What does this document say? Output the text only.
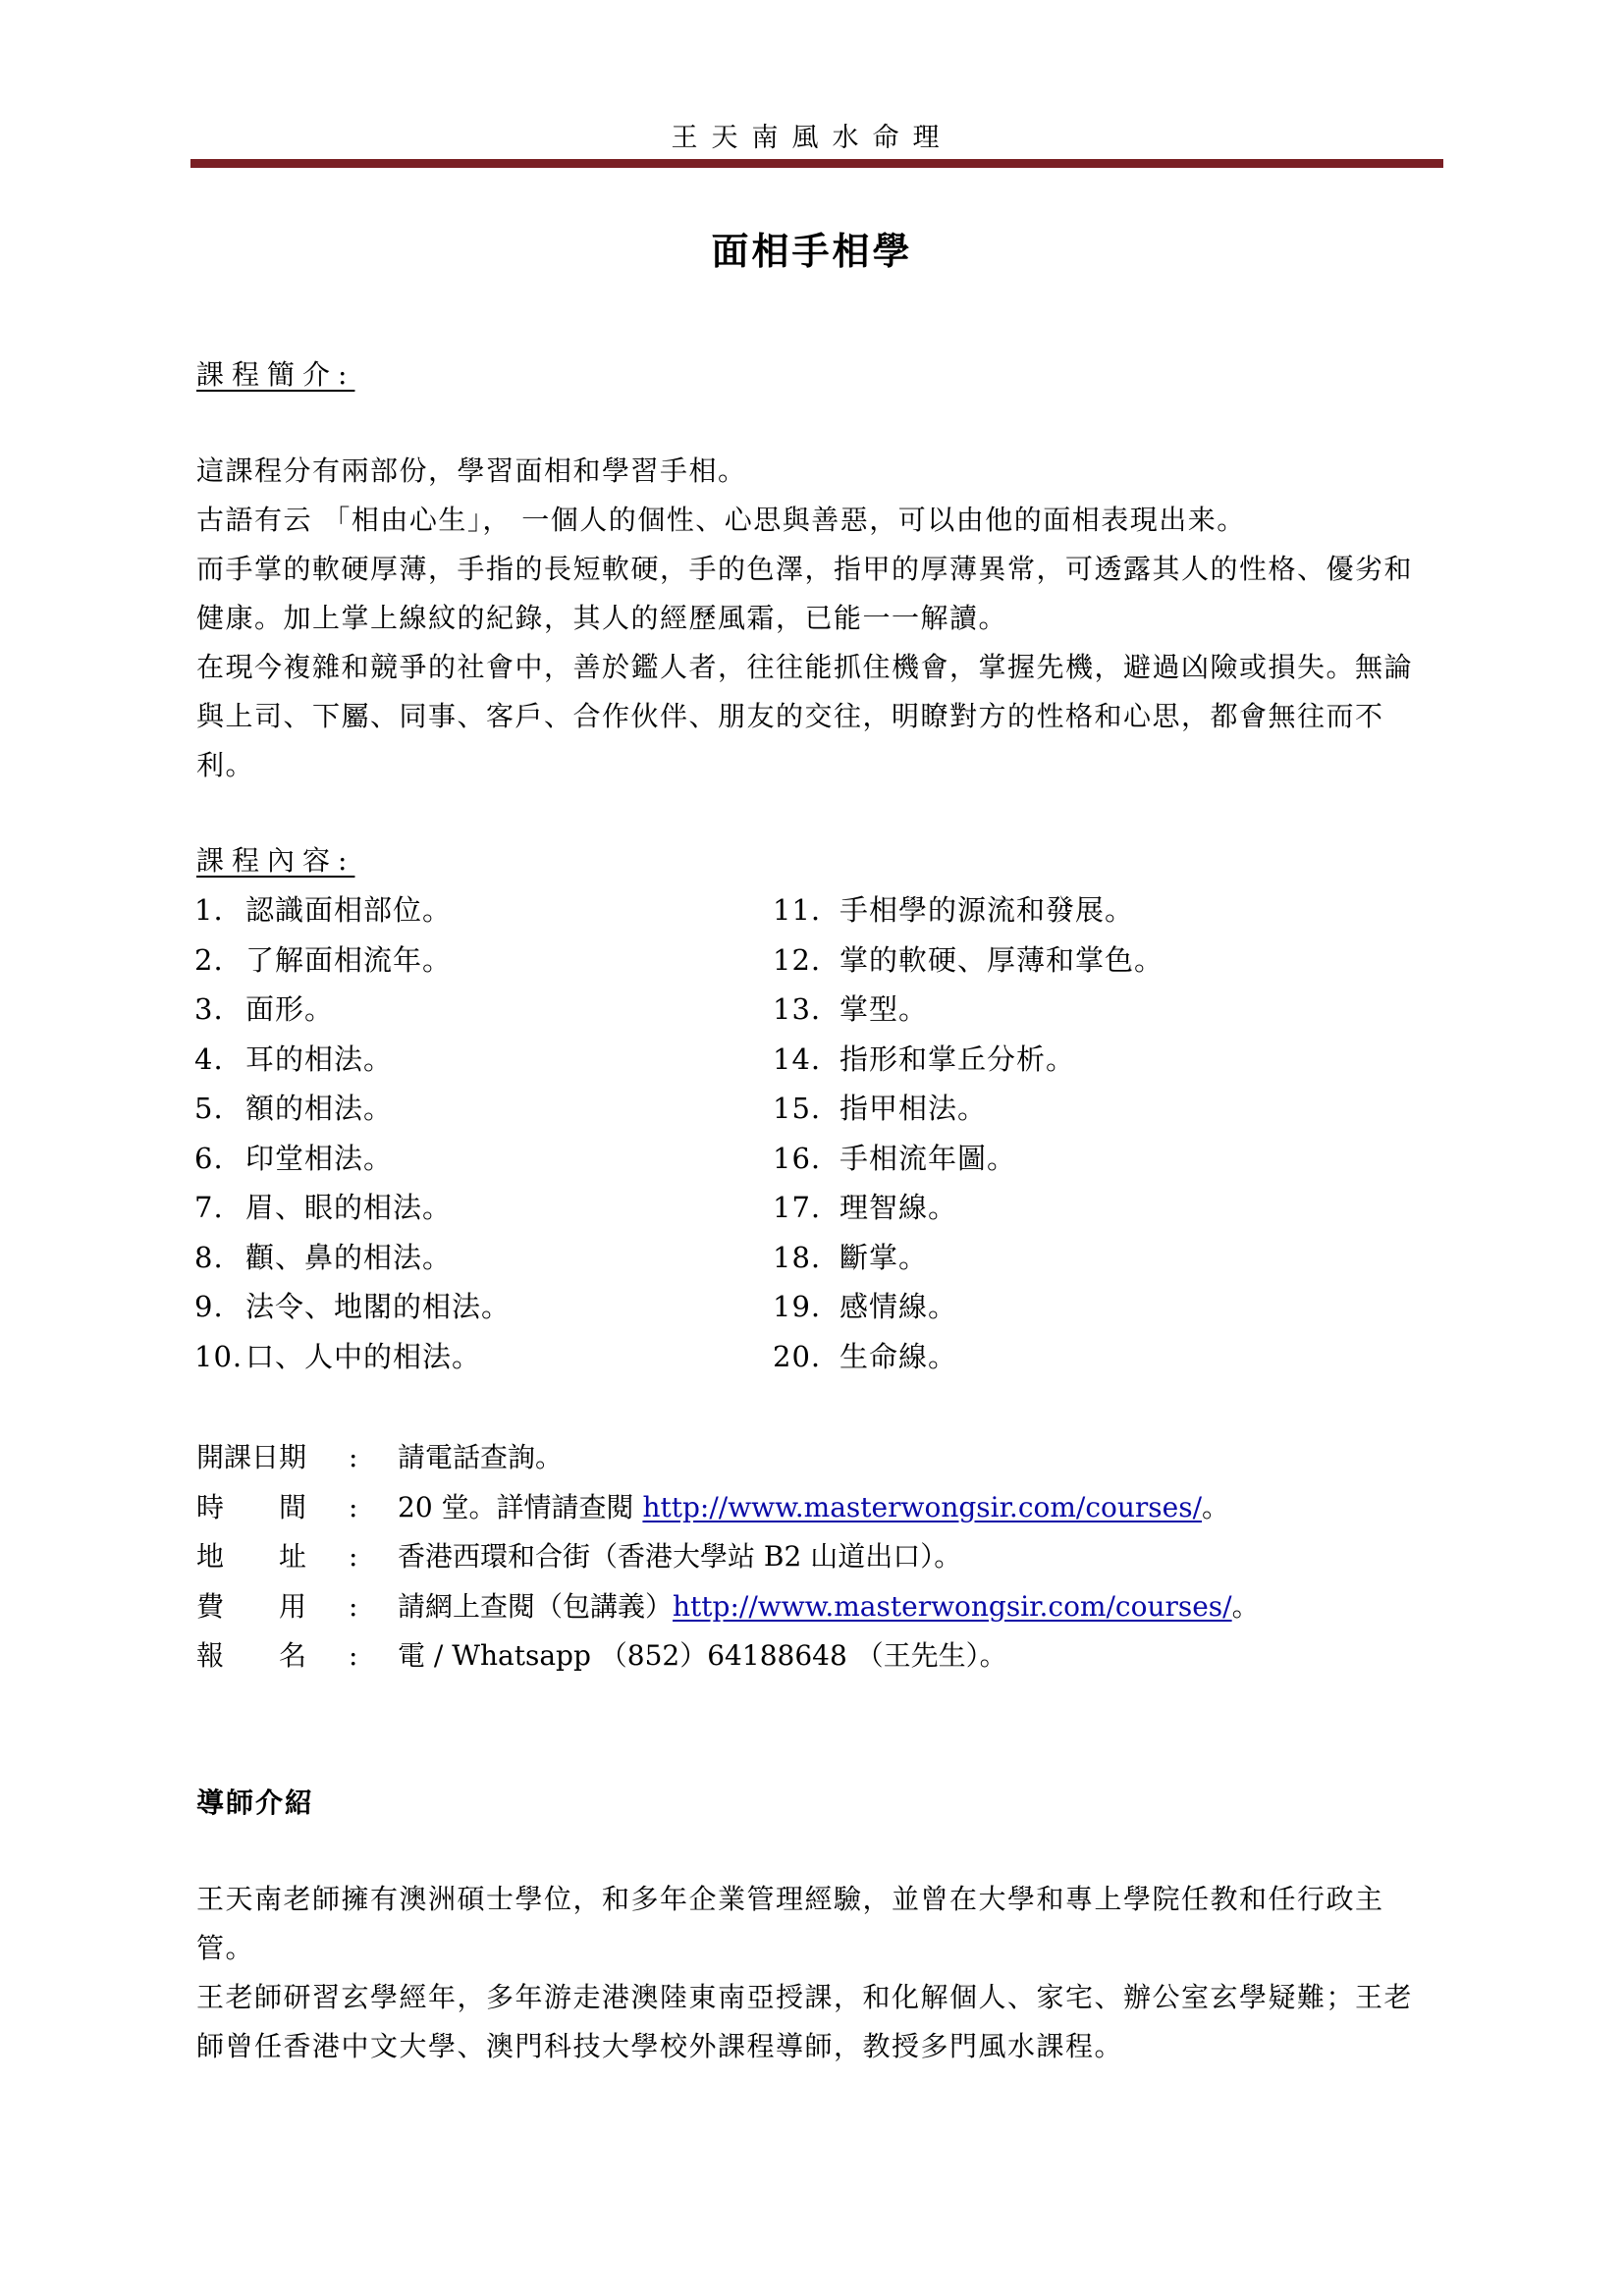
王天南風水命理
面相手相學
課程簡介:

這課程分有兩部份，學習面相和學習手相。

古語有云 「相由心生」， 一個人的個性、心思與善惡，可以由他的面相表現出来。

而手掌的軟硬厚薄，手指的長短軟硬，手的色澤，指甲的厚薄異常，可透露其人的性格、優劣和健康。加上掌上線紋的紀錄，其人的經歷風霜，已能一一解讀。

在現今複雜和競爭的社會中，善於鑑人者，往往能抓住機會，掌握先機，避過凶險或損失。無論與上司、下屬、同事、客戶、合作伙伴、朋友的交往，明瞭對方的性格和心思，都會無往而不利。

課程內容:
1. 認識面相部位。
2. 了解面相流年。
3. 面形。
4. 耳的相法。
5. 額的相法。
6. 印堂相法。
7. 眉、眼的相法。
8. 顴、鼻的相法。
9. 法令、地閣的相法。
10.口、人中的相法。
11. 手相學的源流和發展。
12. 掌的軟硬、厚薄和掌色。
13. 掌型。
14. 指形和掌丘分析。
15. 指甲相法。
16. 手相流年圖。
17. 理智線。
18. 斷掌。
19. 感情線。
20. 生命線。
開課日期 : 請電話查詢。
時　　間 : 20 堂。詳情請查閱 http://www.masterwongsir.com/courses/。
地　　址 : 香港西環和合街（香港大學站 B2 山道出口）。
費　　用 : 請網上查閱（包講義）http://www.masterwongsir.com/courses/。
報　　名 : 電 / Whatsapp （852）64188648 （王先生）。
導師介紹

王天南老師擁有澳洲碩士學位，和多年企業管理經驗，並曾在大學和專上學院任教和任行政主管。

王老師研習玄學經年，多年游走港澳陸東南亞授課，和化解個人、家宅、辦公室玄學疑難；王老師曾任香港中文大學、澳門科技大學校外課程導師，教授多門風水課程。
